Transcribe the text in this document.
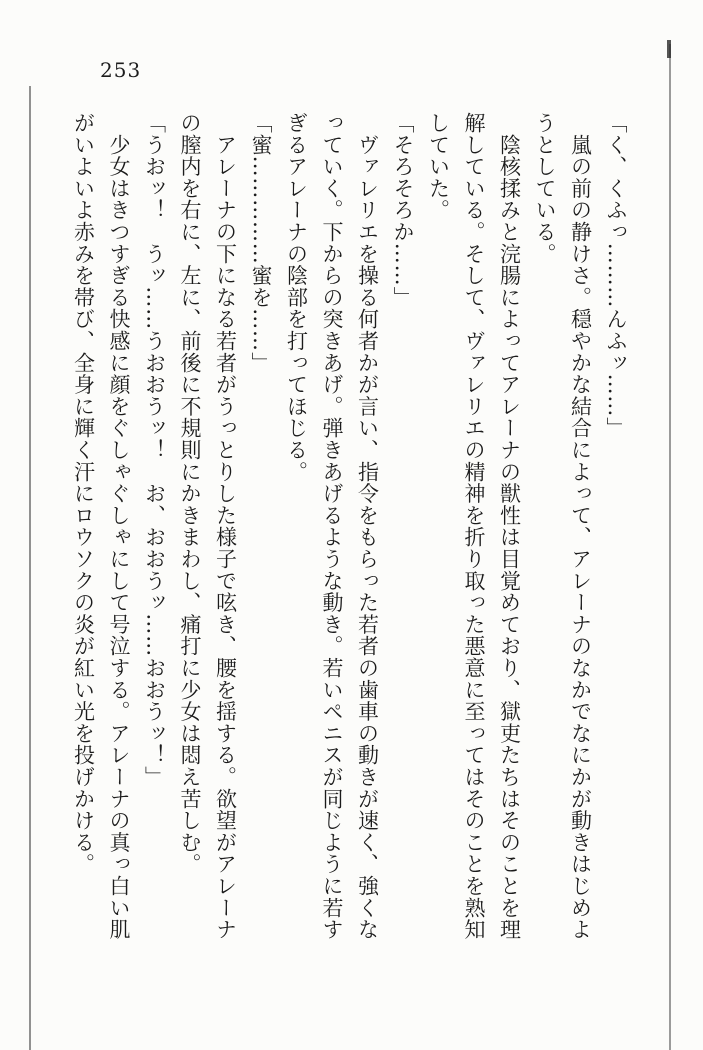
253

「く、くふっ………んふッ……」

　嵐の前の静けさ。穏やかな結合によって、アレーナのなかでなにかが動きはじめよ

うとしている。

　陰核揉みと浣腸によってアレーナの獣性は目覚めており、獄吏たちはそのことを理

解している。そして、ヴァレリエの精神を折り取った悪意に至ってはそのことを熟知

していた。

「そろそろか……」

　ヴァレリエを操る何者かが言い、指令をもらった若者の歯車の動きが速く、強くな

っていく。下からの突きあげ。弾きあげるような動き。若いペニスが同じように若す

ぎるアレーナの陰部を打ってほじる。

「蜜……………蜜を……」

　アレーナの下になる若者がうっとりした様子で呟き、腰を揺する。欲望がアレーナ

の膣内を右に、左に、前後に不規則にかきまわし、痛打に少女は悶え苦しむ。

「うおッ！　うッ……うおおうッ！　お、おおうッ……おおうッ！」

　少女はきつすぎる快感に顔をぐしゃぐしゃにして号泣する。アレーナの真っ白い肌

がいよいよ赤みを帯び、全身に輝く汗にロウソクの炎が紅い光を投げかける。
